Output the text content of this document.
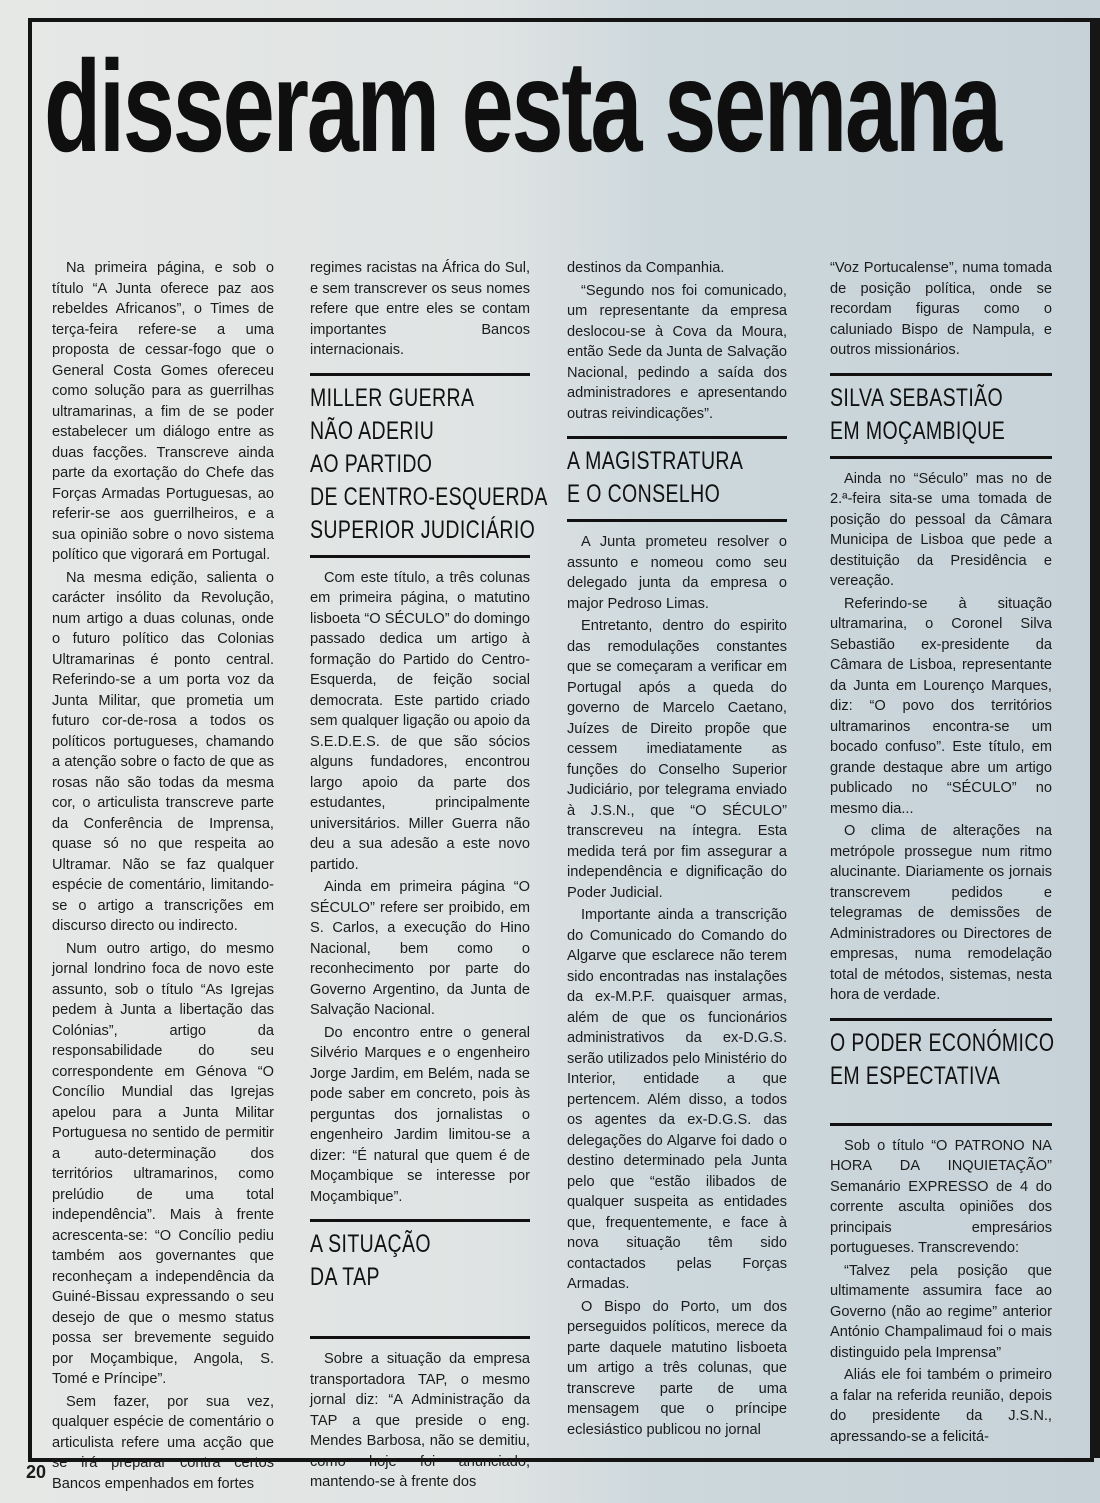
disseram esta semana

Na primeira página, e sob o título “A Junta oferece paz aos rebeldes Africanos”, o Times de terça-feira refere-se a uma proposta de cessar-fogo que o General Costa Gomes ofereceu como solução para as guerrilhas ultramarinas, a fim de se poder estabelecer um diálogo entre as duas facções. Transcreve ainda parte da exortação do Chefe das Forças Armadas Portuguesas, ao referir-se aos guerrilheiros, e a sua opinião sobre o novo sistema político que vigorará em Portugal.

Na mesma edição, salienta o carácter insólito da Revolução, num artigo a duas colunas, onde o futuro político das Colonias Ultramarinas é ponto central. Referindo-se a um porta voz da Junta Militar, que prometia um futuro cor-de-rosa a todos os políticos portugueses, chamando a atenção sobre o facto de que as rosas não são todas da mesma cor, o articulista transcreve parte da Conferência de Imprensa, quase só no que respeita ao Ultramar. Não se faz qualquer espécie de comentário, limitando-se o artigo a transcrições em discurso directo ou indirecto.

Num outro artigo, do mesmo jornal londrino foca de novo este assunto, sob o título “As Igrejas pedem à Junta a libertação das Colónias”, artigo da responsabilidade do seu correspondente em Génova “O Concílio Mundial das Igrejas apelou para a Junta Militar Portuguesa no sentido de permitir a auto-determinação dos territórios ultramarinos, como prelúdio de uma total independência”. Mais à frente acrescenta-se: “O Concílio pediu também aos governantes que reconheçam a independência da Guiné-Bissau expressando o seu desejo de que o mesmo status possa ser brevemente seguido por Moçambique, Angola, S. Tomé e Príncipe”.

Sem fazer, por sua vez, qualquer espécie de comentário o articulista refere uma acção que se irá preparar contra certos Bancos empenhados em fortes

regimes racistas na África do Sul, e sem transcrever os seus nomes refere que entre eles se contam importantes Bancos internacionais.

MILLER GUERRA
NÃO ADERIU
AO PARTIDO
DE CENTRO-ESQUERDA
SUPERIOR JUDICIÁRIO

Com este título, a três colunas em primeira página, o matutino lisboeta “O SÉCULO” do domingo passado dedica um artigo à formação do Partido do Centro-Esquerda, de feição social democrata. Este partido criado sem qualquer ligação ou apoio da S.E.D.E.S. de que são sócios alguns fundadores, encontrou largo apoio da parte dos estudantes, principalmente universitários. Miller Guerra não deu a sua adesão a este novo partido.

Ainda em primeira página “O SÉCULO” refere ser proibido, em S. Carlos, a execução do Hino Nacional, bem como o reconhecimento por parte do Governo Argentino, da Junta de Salvação Nacional.

Do encontro entre o general Silvério Marques e o engenheiro Jorge Jardim, em Belém, nada se pode saber em concreto, pois às perguntas dos jornalistas o engenheiro Jardim limitou-se a dizer: “É natural que quem é de Moçambique se interesse por Moçambique”.

A SITUAÇÃO
DA TAP

Sobre a situação da empresa transportadora TAP, o mesmo jornal diz: “A Administração da TAP a que preside o eng. Mendes Barbosa, não se demitiu, como hoje foi anunciado, mantendo-se à frente dos

destinos da Companhia.

“Segundo nos foi comunicado, um representante da empresa deslocou-se à Cova da Moura, então Sede da Junta de Salvação Nacional, pedindo a saída dos administradores e apresentando outras reivindicações”.

A MAGISTRATURA
E O CONSELHO

A Junta prometeu resolver o assunto e nomeou como seu delegado junta da empresa o major Pedroso Limas.

Entretanto, dentro do espirito das remodulações constantes que se começaram a verificar em Portugal após a queda do governo de Marcelo Caetano, Juízes de Direito propõe que cessem imediatamente as funções do Conselho Superior Judiciário, por telegrama enviado à J.S.N., que “O SÉCULO” transcreveu na íntegra. Esta medida terá por fim assegurar a independência e dignificação do Poder Judicial.

Importante ainda a transcrição do Comunicado do Comando do Algarve que esclarece não terem sido encontradas nas instalações da ex-M.P.F. quaisquer armas, além de que os funcionários administrativos da ex-D.G.S. serão utilizados pelo Ministério do Interior, entidade a que pertencem. Além disso, a todos os agentes da ex-D.G.S. das delegações do Algarve foi dado o destino determinado pela Junta pelo que “estão ilibados de qualquer suspeita as entidades que, frequentemente, e face à nova situação têm sido contactados pelas Forças Armadas.

O Bispo do Porto, um dos perseguidos políticos, merece da parte daquele matutino lisboeta um artigo a três colunas, que transcreve parte de uma mensagem que o príncipe eclesiástico publicou no jornal

“Voz Portucalense”, numa tomada de posição política, onde se recordam figuras como o caluniado Bispo de Nampula, e outros missionários.

SILVA SEBASTIÃO
EM MOÇAMBIQUE

Ainda no “Século” mas no de 2.ª-feira sita-se uma tomada de posição do pessoal da Câmara Municipa de Lisboa que pede a destituição da Presidência e vereação.

Referindo-se à situação ultramarina, o Coronel Silva Sebastião ex-presidente da Câmara de Lisboa, representante da Junta em Lourenço Marques, diz: “O povo dos territórios ultramarinos encontra-se um bocado confuso”. Este título, em grande destaque abre um artigo publicado no “SÉCULO” no mesmo dia...

O clima de alterações na metrópole prossegue num ritmo alucinante. Diariamente os jornais transcrevem pedidos e telegramas de demissões de Administradores ou Directores de empresas, numa remodelação total de métodos, sistemas, nesta hora de verdade.

O PODER ECONÓMICO
EM ESPECTATIVA

Sob o título “O PATRONO NA HORA DA INQUIETAÇÃO” Semanário EXPRESSO de 4 do corrente asculta opiniões dos principais empresários portugueses. Transcrevendo:

“Talvez pela posição que ultimamente assumira face ao Governo (não ao regime” anterior António Champalimaud foi o mais distinguido pela Imprensa”

Aliás ele foi também o primeiro a falar na referida reunião, depois do presidente da J.S.N., apressando-se a felicitá-

20
